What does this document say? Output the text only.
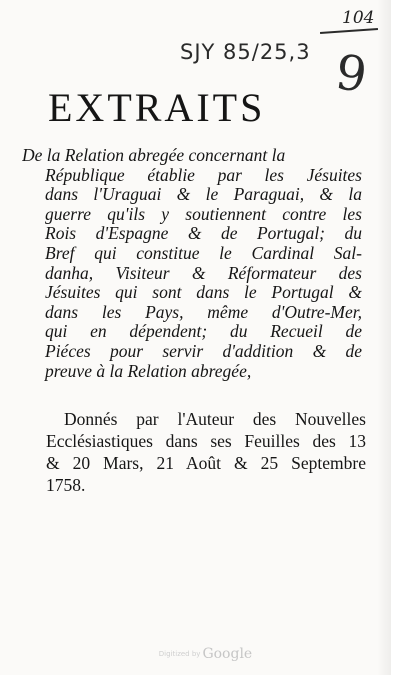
104
SJY 85/25,3 9
EXTRAITS
De la Relation abregée concernant la
République établie par les Jésuites
dans l'Uraguai & le Paraguai, & la
guerre qu'ils y soutiennent contre les
Rois d'Espagne & de Portugal; du
Bref qui constitue le Cardinal Sal-
danha, Visiteur & Réformateur des
Jésuites qui sont dans le Portugal &
dans les Pays, même d'Outre-Mer,
qui en dépendent; du Recueil de
Piéces pour servir d'addition & de
preuve à la Relation abregée,
Donnés par l'Auteur des Nouvelles
Ecclésiastiques dans ses Feuilles des 13
& 20 Mars, 21 Août & 25 Septembre
1758.
Digitized by Google
